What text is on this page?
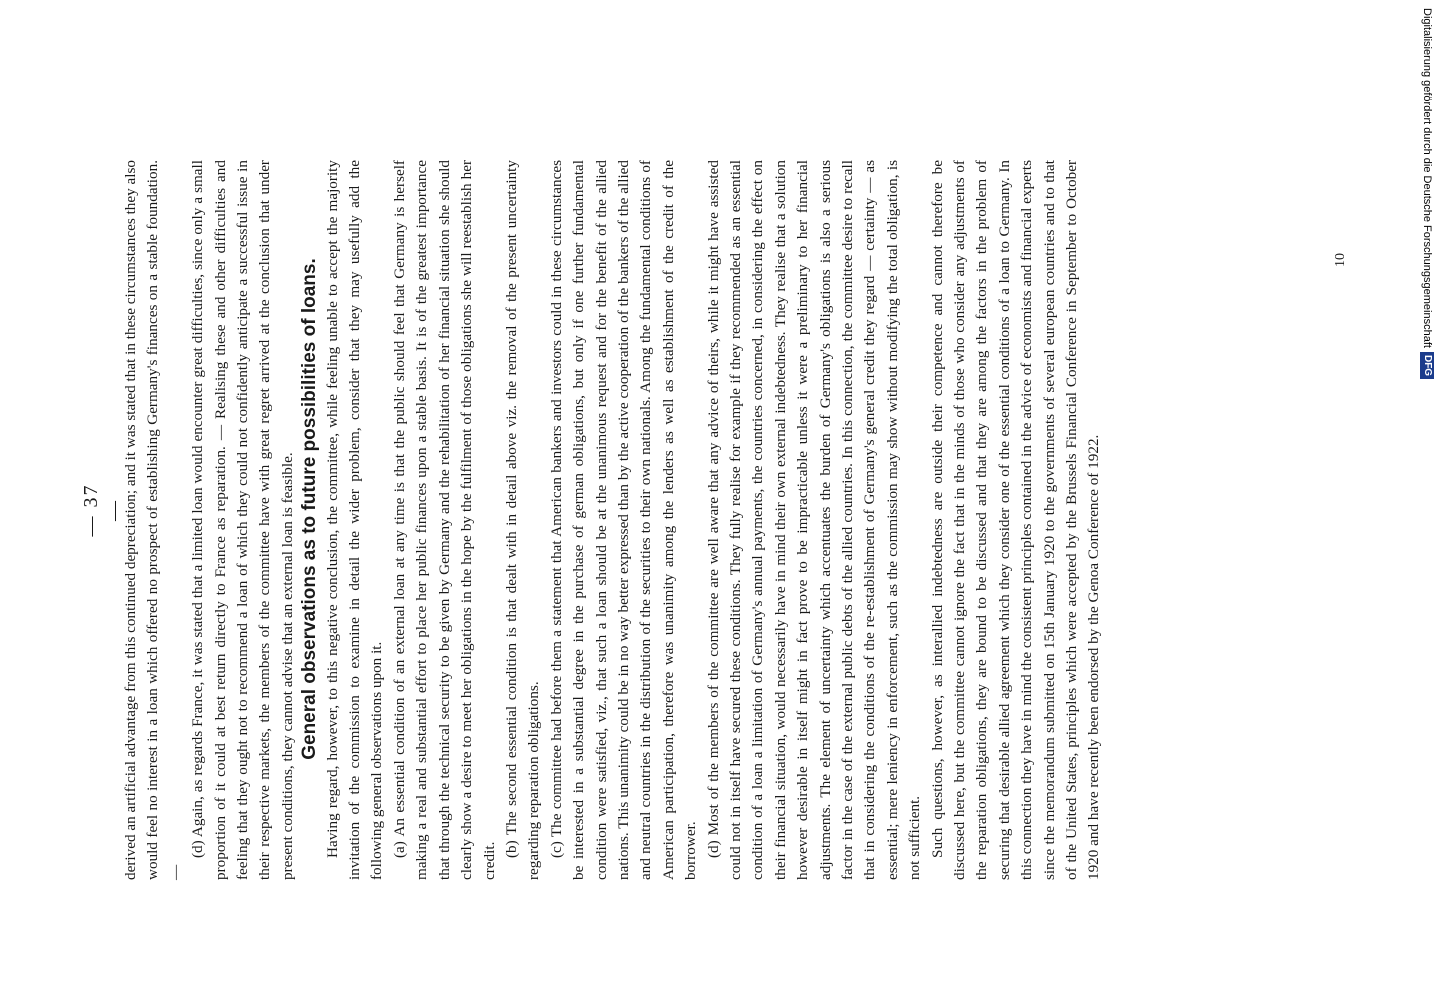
— 37 —

derived an artificial advantage from this continued depreciation; and it was stated that in these circumstances they also would feel no interest in a loan which offered no prospect of establishing Germany's finances on a stable foundation. —

(d) Again, as regards France, it was stated that a limited loan would encounter great difficulties, since only a small proportion of it could at best return directly to France as reparation. — Realising these and other difficulties and feeling that they ought not to recommend a loan of which they could not confidently anticipate a successful issue in their respective markets, the members of the committee have with great regret arrived at the conclusion that under present conditions, they cannot advise that an external loan is feasible. General observations as to future possibilities of loans. Having regard, however, to this negative conclusion, the committee, while feeling unable to accept the majority invitation of the commission to examine in detail the wider problem, consider that they may usefully add the following general observations upon it. (a) An essential condition of an external loan at any time is that the public should feel that Germany is herself making a real and substantial effort to place her public finances upon a stable basis. It is of the greatest importance that through the technical security to be given by Germany and the rehabilitation of her financial situation she should clearly show a desire to meet her obligations in the hope by the fulfilment of those obligations she will reestablish her credit.

(b) The second essential condition is that dealt with in detail above viz. the removal of the present uncertainty regarding reparation obligations. (c) The committee had before them a statement that American bankers and investors could in these circumstances be interested in a substantial degree in the purchase of german obligations, but only if one further fundamental condition were satisfied, viz., that such a loan should be at the unanimous request and for the benefit of the allied nations. This unanimity could be in no way better expressed than by the active cooperation of the bankers of the allied and neutral countries in the distribution of the securities to their own nationals. Among the fundamental conditions of American participation, therefore was unanimity among the lenders as well as establishment of the credit of the borrower. (d) Most of the members of the committee are well aware that any advice of theirs, while it might have assisted could not in itself have secured these conditions. They fully realise for example if they recommended as an essential condition of a loan a limitation of Germany's annual payments, the countries concerned, in considering the effect on their financial situation, would necessarily have in mind their own external indebtedness. They realise that a solution however desirable in itself might in fact prove to be impracticable unless it were a preliminary to her financial adjustments. The element of uncertainty which accentuates the burden of Germany's obligations is also a serious factor in the case of the external public debts of the allied countries. In this connection, the committee desire to recall that in considering the conditions of the re-establishment of Germany's general credit they regard — certainty — as essential; mere leniency in enforcement, such as the commission may show without modifying the total obligation, is not sufficient. Such questions, however, as interallied indebtedness are outside their competence and cannot therefore be discussed here, but the committee cannot ignore the fact that in the minds of those who consider any adjustments of the reparation obligations, they are bound to be discussed and that they are among the factors in the problem of securing that desirable allied agreement which they consider one of the essential conditions of a loan to Germany. In this connection they have in mind the consistent principles contained in the advice of economists and financial experts since the memorandum submitted on 15th January 1920 to the governments of several european countries and to that of the United States, principles which were accepted by the Brussels Financial Conference in September to October 1920 and have recently been endorsed by the Genoa Conference of 1922.

10	Digitalisierung gefördert durch die Deutsche Forschungsgemeinschaft
DFG
